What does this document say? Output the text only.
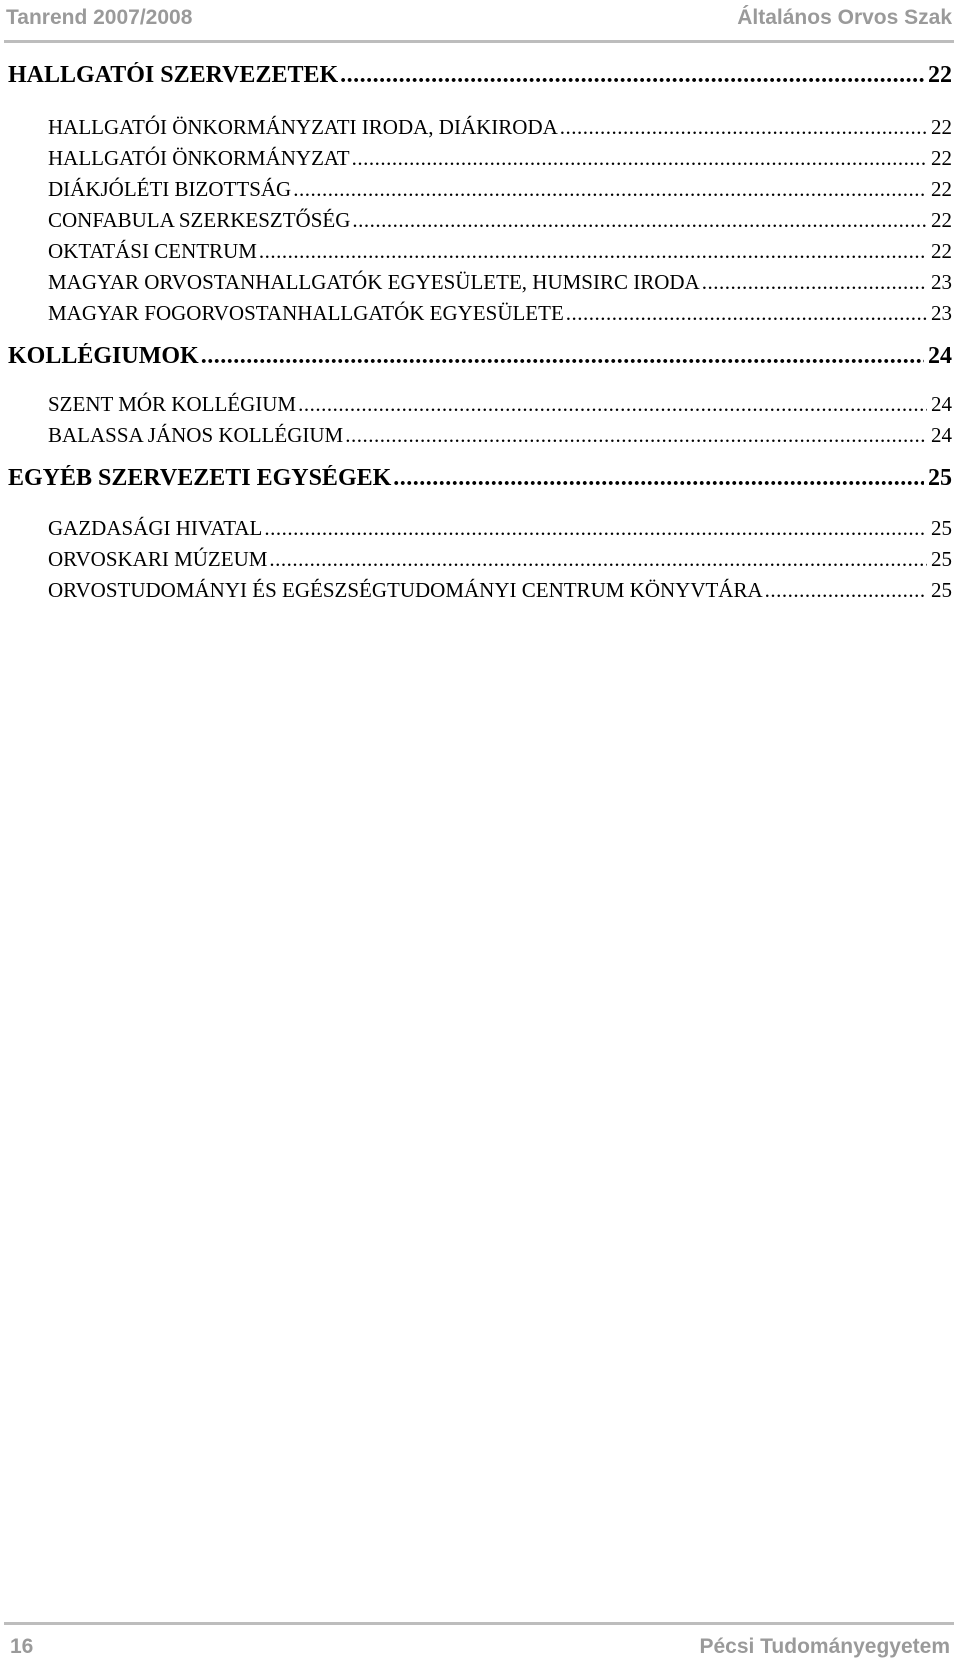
Tanrend 2007/2008	Általános Orvos Szak
HALLGATÓI SZERVEZETEK .....	22
HALLGATÓI ÖNKORMÁNYZATI IRODA, DIÁKIRODA .....	22
HALLGATÓI ÖNKORMÁNYZAT .....	22
DIÁKJÓLÉTI BIZOTTSÁG .....	22
CONFABULA SZERKESZTŐSÉG .....	22
OKTATÁSI CENTRUM .....	22
MAGYAR ORVOSTANHALLGATÓK EGYESÜLETE, HUMSIRC IRODA .....	23
MAGYAR FOGORVOSTANHALLGATÓK EGYESÜLETE .....	23
KOLLÉGIUMOK .....	24
SZENT MÓR KOLLÉGIUM .....	24
BALASSA JÁNOS KOLLÉGIUM .....	24
EGYÉB SZERVEZETI EGYSÉGEK .....	25
GAZDASÁGI HIVATAL .....	25
ORVOSKARI MÚZEUM .....	25
ORVOSTUDOMÁNYI ÉS EGÉSZSÉGTUDOMÁNYI CENTRUM KÖNYVTÁRA .....	25
16	Pécsi Tudományegyetem
